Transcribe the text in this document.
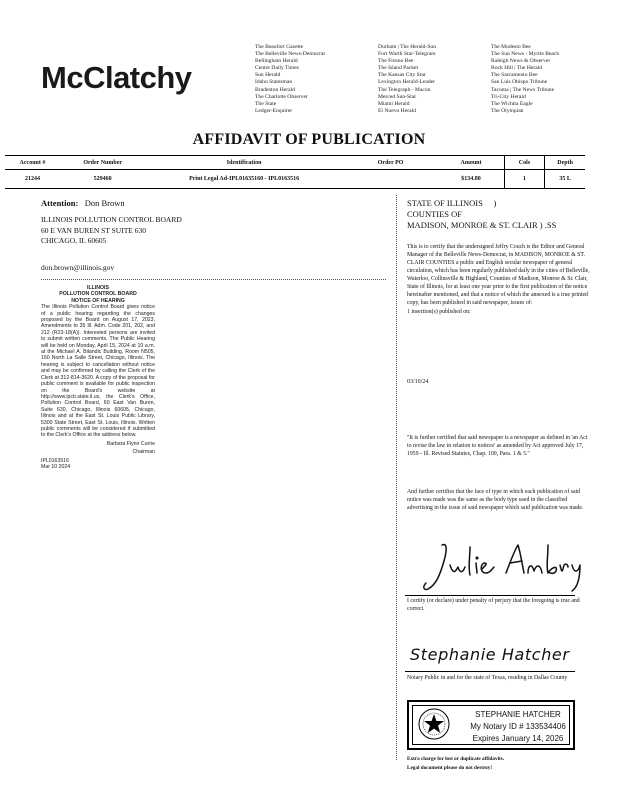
McClatchy
The Beaufort Gazette
The Belleville News-Democrat
Bellingham Herald
Centre Daily Times
Sun Herald
Idaho Statesman
Bradenton Herald
The Charlotte Observer
The State
Ledger-Enquirer
Durham | The Herald-Sun
Fort Worth Star-Telegram
The Fresno Bee
The Island Packet
The Kansas City Star
Lexington Herald-Leader
The Telegraph - Macon
Merced Sun-Star
Miami Herald
El Nuevo Herald
The Modesto Bee
The Sun News - Myrtle Beach
Raleigh News & Observer
Rock Hill | The Herald
The Sacramento Bee
San Luis Obispo Tribune
Tacoma | The News Tribune
Tri-City Herald
The Wichita Eagle
The Olympian
AFFIDAVIT OF PUBLICATION
Account #	Order Number	Identification	Order PO	Amount	Cols	Depth
21244	529460	Print Legal Ad-IPL01635160 - IPL0163516		$134.80	1	35 L
Attention: Don Brown
ILLINOIS POLLUTION CONTROL BOARD
60 E VAN BUREN ST SUITE 630
CHICAGO, IL 60605
don.brown@illinois.gov
ILLINOIS
POLLUTION CONTROL BOARD
NOTICE OF HEARING
The Illinois Pollution Control Board gives notice of a public hearing regarding the changes proposed by the Board on August 17, 2023, Amendments to 35 Ill. Adm. Code 201, 202, and 212 (R23-18(A)). Interested persons are invited to submit written comments. The Public Hearing will be held on Monday, April 15, 2024 at 10 a.m. at the Michael A. Bilandic Building, Room N505, 160 North La Salle Street, Chicago, Illinois. The hearing is subject to cancellation without notice and may be confirmed by calling the Clerk of the Clerk at 312-814-3620. A copy of the proposal for public comment is available for public inspection on the Board's website at http://www.ipcb.state.il.us, the Clerk's Office, Pollution Control Board, 60 East Van Buren, Suite 630, Chicago, Illinois 60605, Chicago, Illinois and at the East St. Louis Public Library, 5300 State Street, East St. Louis, Illinois. Written public comments will be considered if submitted to the Clerk's Office at the address below.
Barbara Flynn Currie
Chairman
IPL0163516
Mar 10 2024
STATE OF ILLINOIS     )
COUNTIES OF
MADISON, MONROE & ST. CLAIR ) .SS
This is to certify that the undersigned Jeffry Couch is the Editor and General Manager of the Belleville News-Democrat, in MADISON, MONROE & ST. CLAIR COUNTIES a public and English secular newspaper of general circulation, which has been regularly published daily in the cities of Belleville, Waterloo, Collinsville & Highland, Counties of Madison, Monroe & St. Clair, State of Illinois, for at least one year prior to the first publication of the notice hereinafter mentioned, and that a notice of which the annexed is a true printed copy, has been published in said newspaper, issues of:
1 insertion(s) published on:
03/10/24
"It is further certified that said newspaper is a newspaper as defined in 'an Act to revise the law in relation to notices' as amended by Act approved July 17, 1959 - Ill. Revised Statutes, Chap. 100, Para. 1 & 5."
And further certifies that the face of type in which each publication of said notice was made was the same as the body type used in the classified advertising in the issue of said newspaper which said publication was made.
I certify (or declare) under penalty of perjury that the foregoing is true and correct.
Stephanie Hatcher
Notary Public in and for the state of Texas, residing in Dallas County
STEPHANIE HATCHER
My Notary ID # 133534406
Expires January 14, 2026
Extra charge for lost or duplicate affidavits.
Legal document please do not destroy!
